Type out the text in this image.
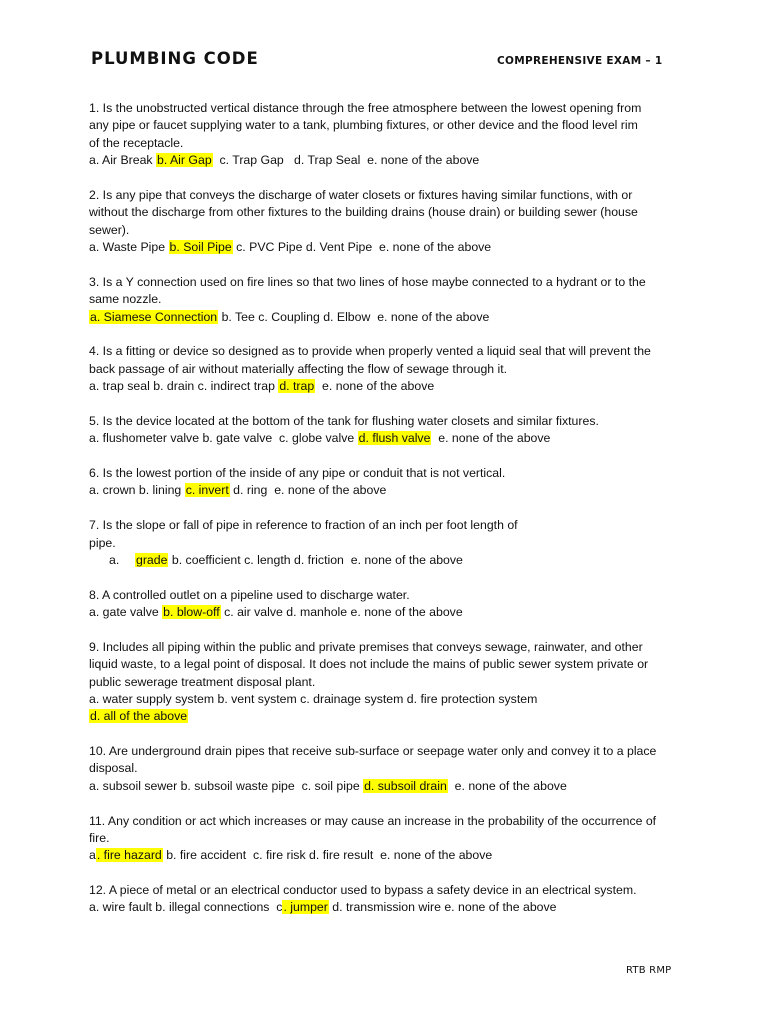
PLUMBING CODE	COMPREHENSIVE EXAM – 1

1. Is the unobstructed vertical distance through the free atmosphere between the lowest opening from

any pipe or faucet supplying water to a tank, plumbing fixtures, or other device and the flood level rim

of the receptacle.

a. Air Break b. Air Gap  c. Trap Gap   d. Trap Seal  e. none of the above

2. Is any pipe that conveys the discharge of water closets or fixtures having similar functions, with or

without the discharge from other fixtures to the building drains (house drain) or building sewer (house

sewer).

a. Waste Pipe b. Soil Pipe c. PVC Pipe d. Vent Pipe  e. none of the above

3. Is a Y connection used on fire lines so that two lines of hose maybe connected to a hydrant or to the

same nozzle.

a. Siamese Connection b. Tee c. Coupling d. Elbow  e. none of the above

4. Is a fitting or device so designed as to provide when properly vented a liquid seal that will prevent the

back passage of air without materially affecting the flow of sewage through it.

a. trap seal b. drain c. indirect trap d. trap  e. none of the above

5. Is the device located at the bottom of the tank for flushing water closets and similar fixtures.

a. flushometer valve b. gate valve  c. globe valve d. flush valve  e. none of the above

6. Is the lowest portion of the inside of any pipe or conduit that is not vertical.

a. crown b. lining c. invert d. ring  e. none of the above

7. Is the slope or fall of pipe in reference to fraction of an inch per foot length of

pipe.

a. grade b. coefficient c. length d. friction  e. none of the above

8. A controlled outlet on a pipeline used to discharge water.

a. gate valve b. blow-off c. air valve d. manhole e. none of the above

9. Includes all piping within the public and private premises that conveys sewage, rainwater, and other

liquid waste, to a legal point of disposal. It does not include the mains of public sewer system private or

public sewerage treatment disposal plant.

a. water supply system b. vent system c. drainage system d. fire protection system

d. all of the above

10. Are underground drain pipes that receive sub-surface or seepage water only and convey it to a place

disposal.

a. subsoil sewer b. subsoil waste pipe  c. soil pipe d. subsoil drain  e. none of the above

11. Any condition or act which increases or may cause an increase in the probability of the occurrence of

fire.

a. fire hazard b. fire accident  c. fire risk d. fire result  e. none of the above

12. A piece of metal or an electrical conductor used to bypass a safety device in an electrical system.

a. wire fault b. illegal connections  c. jumper d. transmission wire e. none of the above

RTB RMP
